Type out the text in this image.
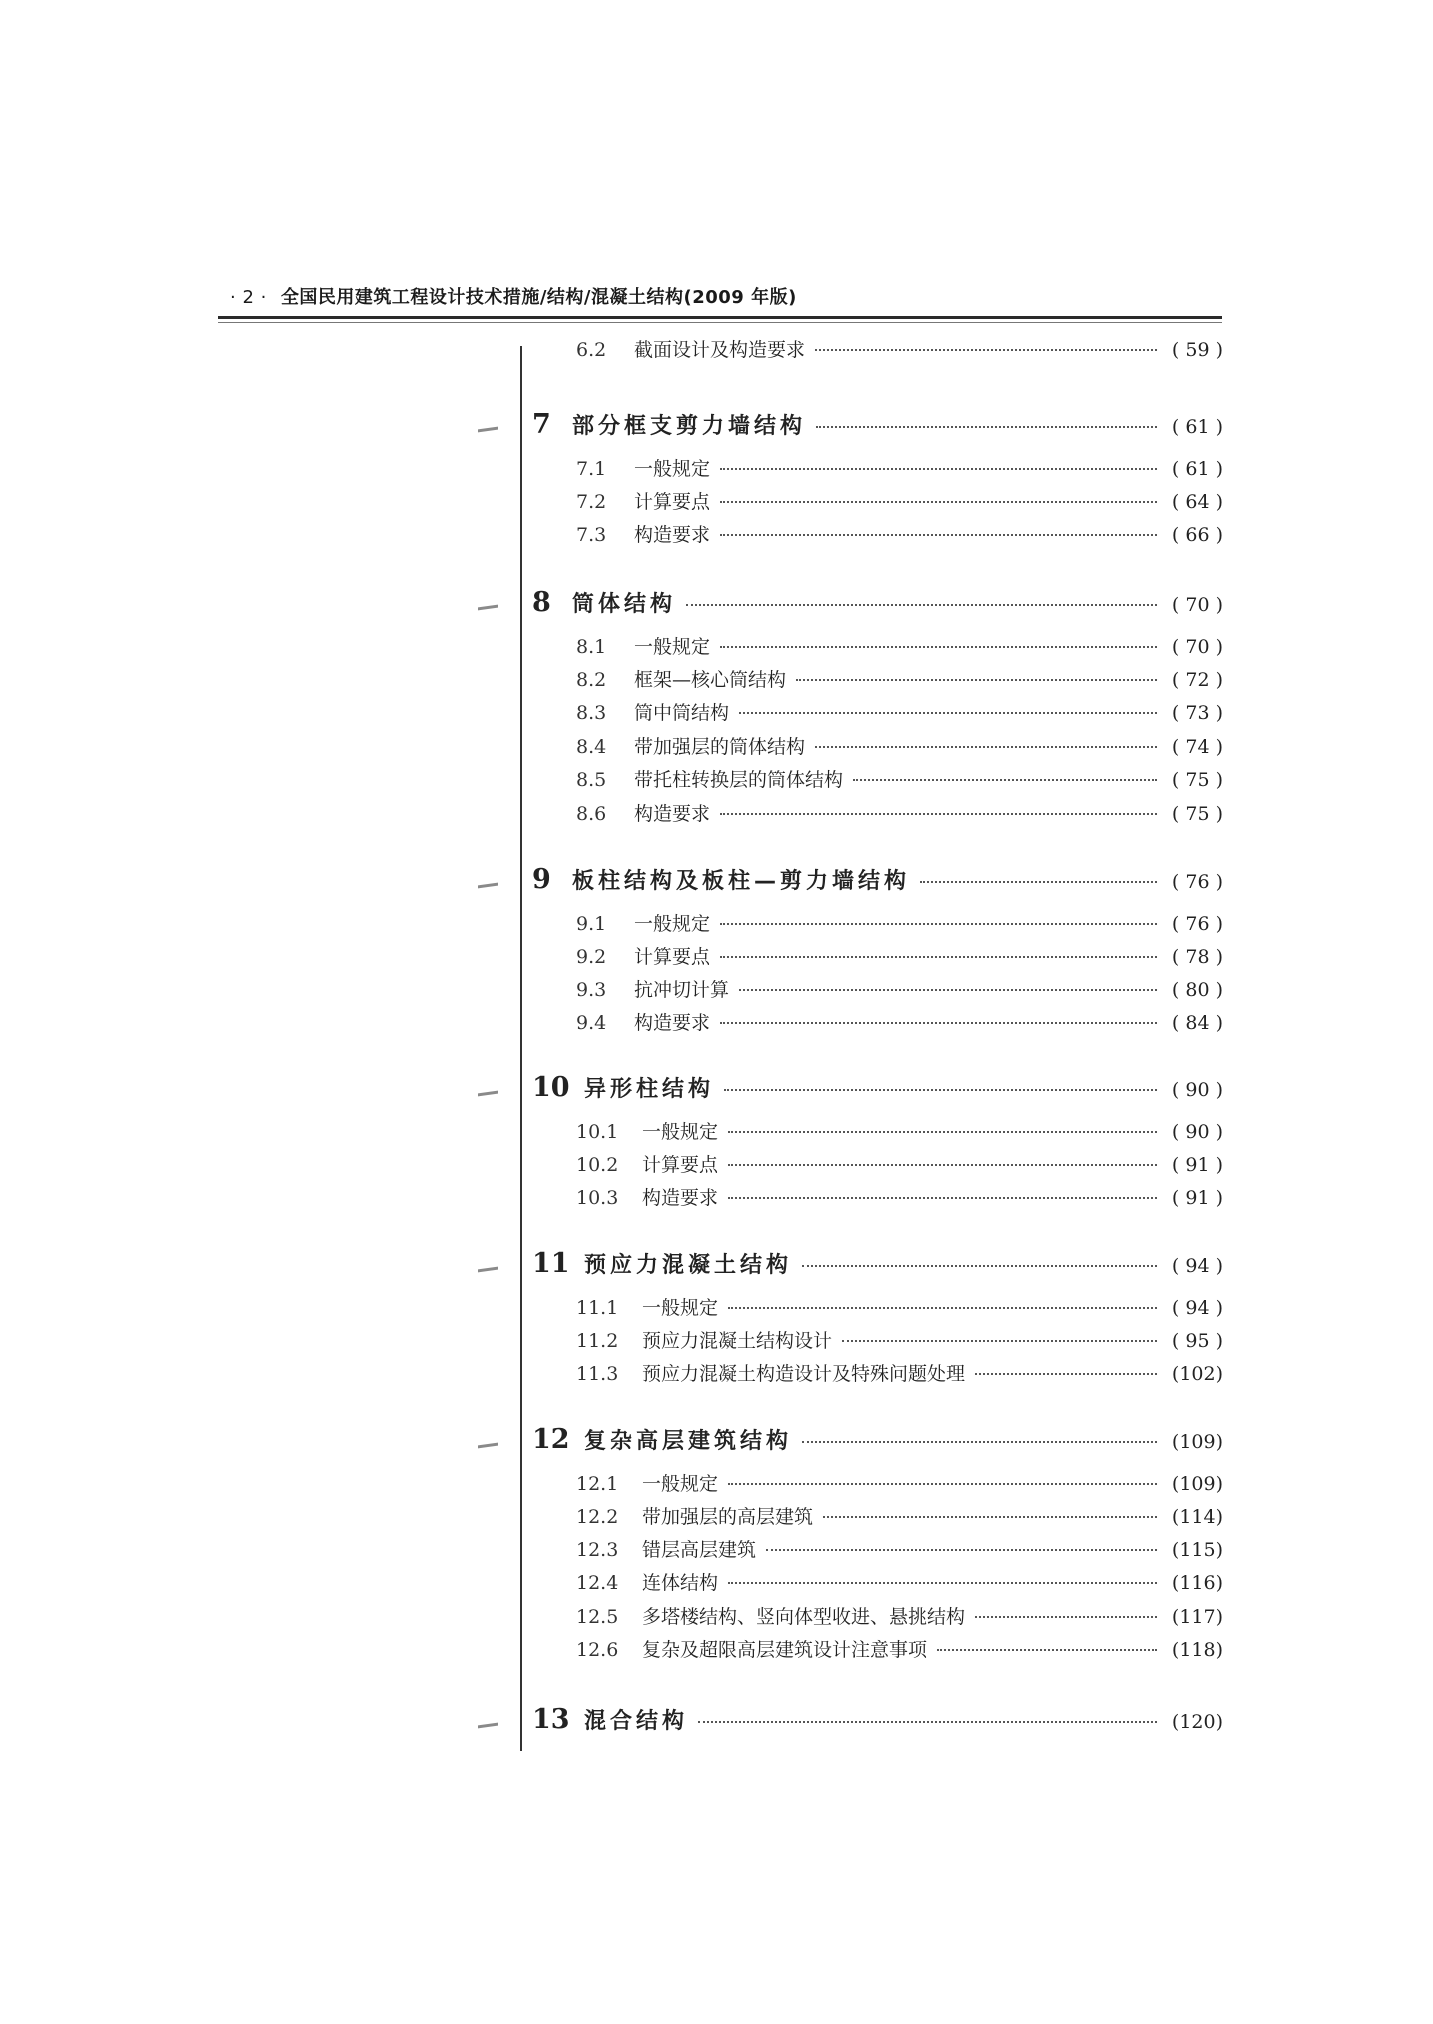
· 2 · 全国民用建筑工程设计技术措施/结构/混凝土结构(2009 年版)
6.2	截面设计及构造要求	( 59 )
7 部分框支剪力墙结构	( 61 )
7.1	一般规定	( 61 )
7.2	计算要点	( 64 )
7.3	构造要求	( 66 )
8 筒体结构	( 70 )
8.1	一般规定	( 70 )
8.2	框架—核心筒结构	( 72 )
8.3	筒中筒结构	( 73 )
8.4	带加强层的筒体结构	( 74 )
8.5	带托柱转换层的筒体结构	( 75 )
8.6	构造要求	( 75 )
9 板柱结构及板柱—剪力墙结构	( 76 )
9.1	一般规定	( 76 )
9.2	计算要点	( 78 )
9.3	抗冲切计算	( 80 )
9.4	构造要求	( 84 )
10 异形柱结构	( 90 )
10.1	一般规定	( 90 )
10.2	计算要点	( 91 )
10.3	构造要求	( 91 )
11 预应力混凝土结构	( 94 )
11.1	一般规定	( 94 )
11.2	预应力混凝土结构设计	( 95 )
11.3	预应力混凝土构造设计及特殊问题处理	(102)
12 复杂高层建筑结构	(109)
12.1	一般规定	(109)
12.2	带加强层的高层建筑	(114)
12.3	错层高层建筑	(115)
12.4	连体结构	(116)
12.5	多塔楼结构、竖向体型收进、悬挑结构	(117)
12.6	复杂及超限高层建筑设计注意事项	(118)
13 混合结构	(120)
